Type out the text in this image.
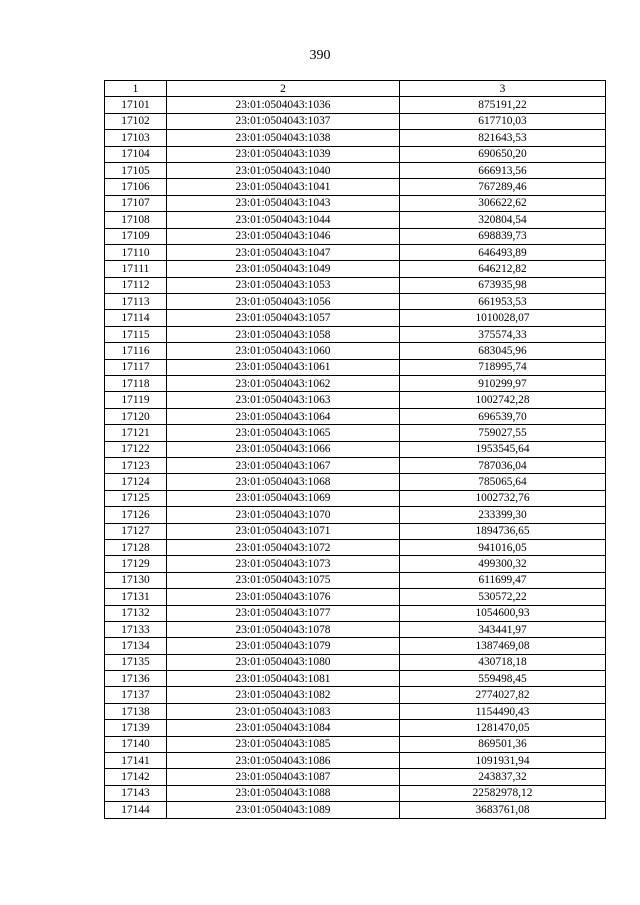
390
1	2	3
17101	23:01:0504043:1036	875191,22
17102	23:01:0504043:1037	617710,03
17103	23:01:0504043:1038	821643,53
17104	23:01:0504043:1039	690650,20
17105	23:01:0504043:1040	666913,56
17106	23:01:0504043:1041	767289,46
17107	23:01:0504043:1043	306622,62
17108	23:01:0504043:1044	320804,54
17109	23:01:0504043:1046	698839,73
17110	23:01:0504043:1047	646493,89
17111	23:01:0504043:1049	646212,82
17112	23:01:0504043:1053	673935,98
17113	23:01:0504043:1056	661953,53
17114	23:01:0504043:1057	1010028,07
17115	23:01:0504043:1058	375574,33
17116	23:01:0504043:1060	683045,96
17117	23:01:0504043:1061	718995,74
17118	23:01:0504043:1062	910299,97
17119	23:01:0504043:1063	1002742,28
17120	23:01:0504043:1064	696539,70
17121	23:01:0504043:1065	759027,55
17122	23:01:0504043:1066	1953545,64
17123	23:01:0504043:1067	787036,04
17124	23:01:0504043:1068	785065,64
17125	23:01:0504043:1069	1002732,76
17126	23:01:0504043:1070	233399,30
17127	23:01:0504043:1071	1894736,65
17128	23:01:0504043:1072	941016,05
17129	23:01:0504043:1073	499300,32
17130	23:01:0504043:1075	611699,47
17131	23:01:0504043:1076	530572,22
17132	23:01:0504043:1077	1054600,93
17133	23:01:0504043:1078	343441,97
17134	23:01:0504043:1079	1387469,08
17135	23:01:0504043:1080	430718,18
17136	23:01:0504043:1081	559498,45
17137	23:01:0504043:1082	2774027,82
17138	23:01:0504043:1083	1154490,43
17139	23:01:0504043:1084	1281470,05
17140	23:01:0504043:1085	869501,36
17141	23:01:0504043:1086	1091931,94
17142	23:01:0504043:1087	243837,32
17143	23:01:0504043:1088	22582978,12
17144	23:01:0504043:1089	3683761,08
